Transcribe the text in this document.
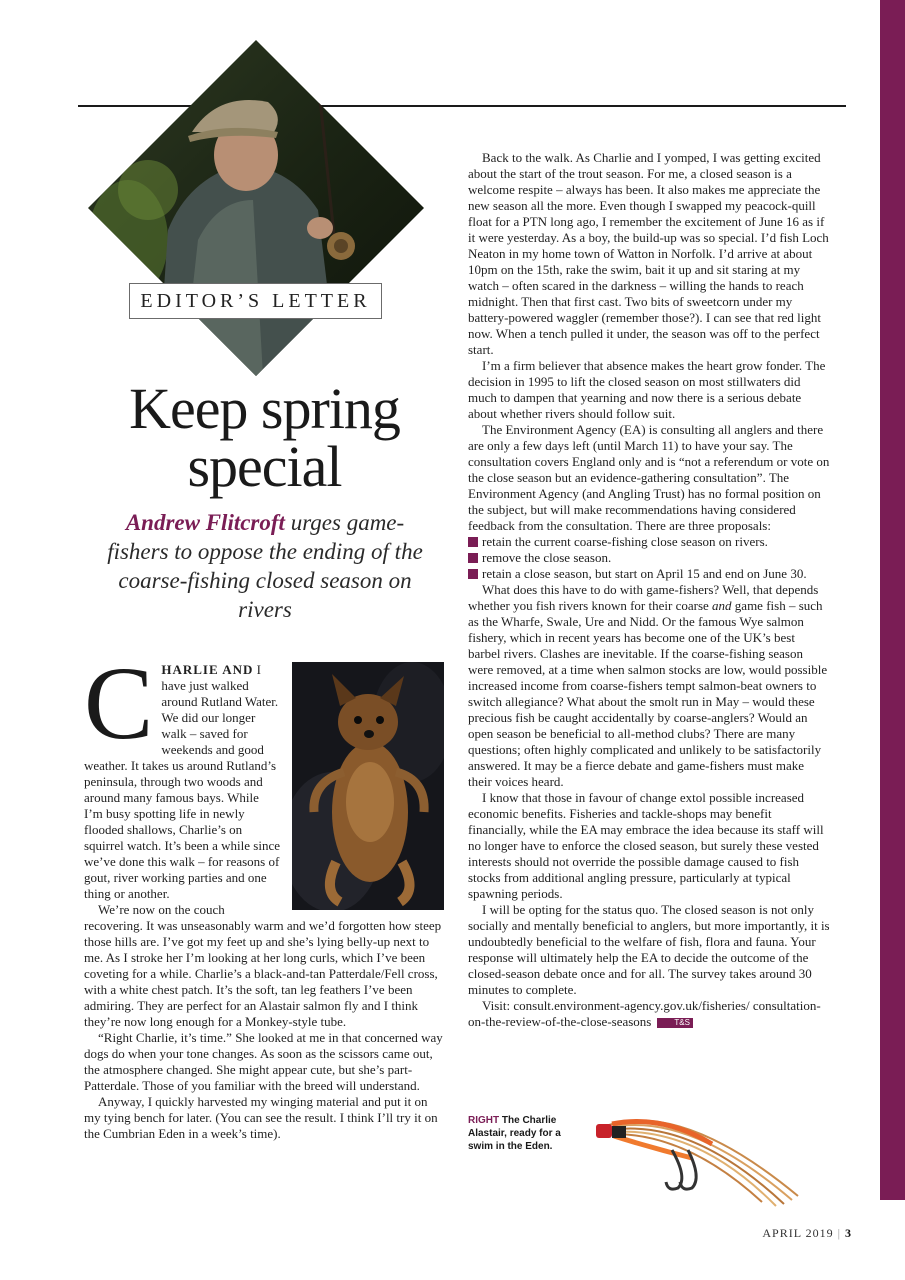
EDITOR’S LETTER
Keep spring special
Andrew Flitcroft urges game-fishers to oppose the ending of the coarse-fishing closed season on rivers

C HARLIE AND I have just walked around Rutland Water. We did our longer walk – saved for weekends and good weather. It takes us around Rutland’s peninsula, through two woods and around many famous bays. While I’m busy spotting life in newly flooded shallows, Charlie’s on squirrel watch. It’s been a while since we’ve done this walk – for reasons of gout, river working parties and one thing or another.

We’re now on the couch recovering. It was unseasonably warm and we’d forgotten how steep those hills are. I’ve got my feet up and she’s lying belly-up next to me. As I stroke her I’m looking at her long curls, which I’ve been coveting for a while. Charlie’s a black-and-tan Patterdale/Fell cross, with a white chest patch. It’s the soft, tan leg feathers I’ve been admiring. They are perfect for an Alastair salmon fly and I think they’re now long enough for a Monkey-style tube.

“Right Charlie, it’s time.” She looked at me in that concerned way dogs do when your tone changes. As soon as the scissors came out, the atmosphere changed. She might appear cute, but she’s part-Patterdale. Those of you familiar with the breed will understand.

Anyway, I quickly harvested my winging material and put it on my tying bench for later. (You can see the result. I think I’ll try it on the Cumbrian Eden in a week’s time).

Back to the walk. As Charlie and I yomped, I was getting excited about the start of the trout season. For me, a closed season is a welcome respite – always has been. It also makes me appreciate the new season all the more. Even though I swapped my peacock-quill float for a PTN long ago, I remember the excitement of June 16 as if it were yesterday. As a boy, the build-up was so special. I’d fish Loch Neaton in my home town of Watton in Norfolk. I’d arrive at about 10pm on the 15th, rake the swim, bait it up and sit staring at my watch – often scared in the darkness – willing the hands to reach midnight. Then that first cast. Two bits of sweetcorn under my battery-powered waggler (remember those?). I can see that red light now. When a tench pulled it under, the season was off to the perfect start.

I’m a firm believer that absence makes the heart grow fonder. The decision in 1995 to lift the closed season on most stillwaters did much to dampen that yearning and now there is a serious debate about whether rivers should follow suit.

The Environment Agency (EA) is consulting all anglers and there are only a few days left (until March 11) to have your say. The consultation covers England only and is “not a referendum or vote on the close season but an evidence-gathering consultation”. The Environment Agency (and Angling Trust) has no formal position on the subject, but will make recommendations having considered feedback from the consultation. There are three proposals:

retain the current coarse-fishing close season on rivers.
remove the close season.
retain a close season, but start on April 15 and end on June 30.

What does this have to do with game-fishers? Well, that depends whether you fish rivers known for their coarse and game fish – such as the Wharfe, Swale, Ure and Nidd. Or the famous Wye salmon fishery, which in recent years has become one of the UK’s best barbel rivers. Clashes are inevitable. If the coarse-fishing season were removed, at a time when salmon stocks are low, would possible increased income from coarse-fishers tempt salmon-beat owners to switch allegiance? What about the smolt run in May – would these precious fish be caught accidentally by coarse-anglers? Would an open season be beneficial to all-method clubs? There are many questions; often highly complicated and unlikely to be satisfactorily answered. It may be a fierce debate and game-fishers must make their voices heard.

I know that those in favour of change extol possible increased economic benefits. Fisheries and tackle-shops may benefit financially, while the EA may embrace the idea because its staff will no longer have to enforce the closed season, but surely these vested interests should not override the possible damage caused to fish stocks from additional angling pressure, particularly at typical spawning periods.

I will be opting for the status quo. The closed season is not only socially and mentally beneficial to anglers, but more importantly, it is undoubtedly beneficial to the welfare of fish, flora and fauna. Your response will ultimately help the EA to decide the outcome of the closed-season debate once and for all. The survey takes around 30 minutes to complete.

Visit: consult.environment-agency.gov.uk/fisheries/ consultation-on-the-review-of-the-close-seasons	T&S

RIGHT The Charlie Alastair, ready for a swim in the Eden.
APRIL 2019 | 3
